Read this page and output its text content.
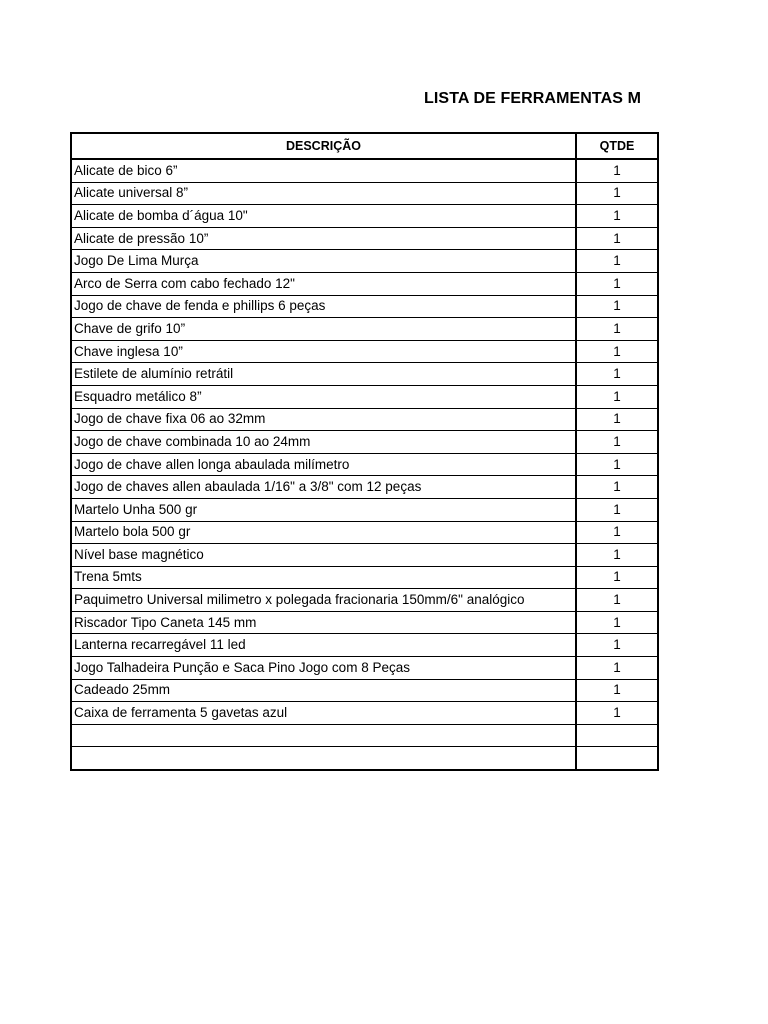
LISTA DE FERRAMENTAS M
DESCRIÇÃO	QTDE
Alicate de bico 6”	1
Alicate universal 8”	1
Alicate de bomba d´água 10"	1
Alicate de pressão 10”	1
Jogo De Lima Murça	1
Arco de Serra com cabo fechado 12"	1
Jogo de chave de fenda e phillips 6 peças	1
Chave de grifo 10”	1
Chave inglesa 10”	1
Estilete de alumínio retrátil	1
Esquadro metálico 8”	1
Jogo de chave fixa 06 ao 32mm	1
Jogo de chave combinada 10 ao 24mm	1
Jogo de chave allen longa abaulada milímetro	1
Jogo de chaves allen abaulada 1/16" a 3/8" com 12 peças	1
Martelo Unha 500 gr	1
Martelo bola 500 gr	1
Nível base magnético	1
Trena 5mts	1
Paquimetro Universal milimetro x polegada fracionaria 150mm/6" analógico	1
Riscador Tipo Caneta 145 mm	1
Lanterna recarregável 11 led	1
Jogo Talhadeira Punção e Saca Pino Jogo com 8 Peças	1
Cadeado 25mm	1
Caixa de ferramenta 5 gavetas azul	1
